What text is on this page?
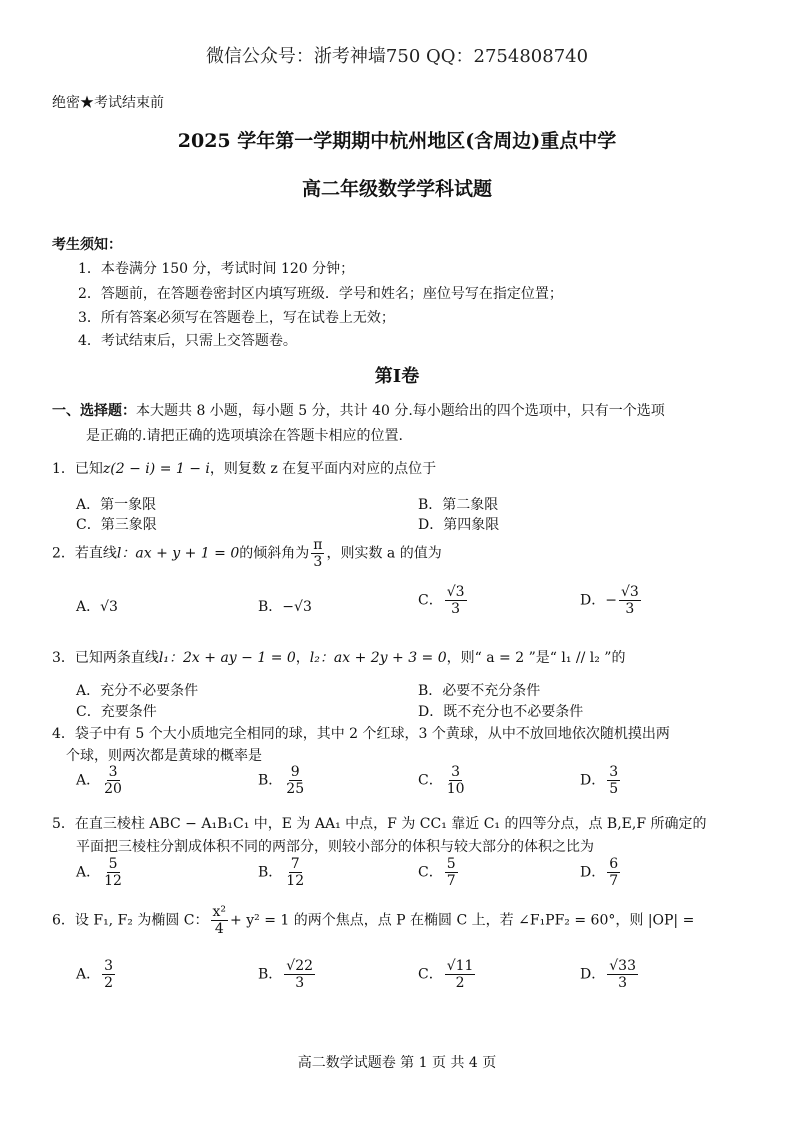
微信公众号：浙考神墙750 QQ：2754808740
绝密★考试结束前
2025 学年第一学期期中杭州地区(含周边)重点中学
高二年级数学学科试题
考生须知：
1．本卷满分 150 分，考试时间 120 分钟；
2．答题前，在答题卷密封区内填写班级．学号和姓名；座位号写在指定位置；
3．所有答案必须写在答题卷上，写在试卷上无效；
4．考试结束后，只需上交答题卷。
第Ⅰ卷
一、选择题：本大题共 8 小题，每小题 5 分，共计 40 分.每小题给出的四个选项中，只有一个选项
是正确的.请把正确的选项填涂在答题卡相应的位置.
1．已知z(2 − i) = 1 − i，则复数 z 在复平面内对应的点位于
A．第一象限	B．第二象限
C．第三象限	D．第四象限
2．若直线l：ax + y + 1 = 0的倾斜角为 $\frac{\pi}{3}$ ，则实数 a 的值为
A．√3	B．−√3	C． $\frac{√3}{3}$	D．− $\frac{√3}{3}$
3．已知两条直线l₁：2x + ay − 1 = 0，l₂：ax + 2y + 3 = 0，则“ a = 2 ”是“ l₁ // l₂ ”的
A．充分不必要条件	B．必要不充分条件
C．充要条件	D．既不充分也不必要条件
4．袋子中有 5 个大小质地完全相同的球，其中 2 个红球，3 个黄球，从中不放回地依次随机摸出两
个球，则两次都是黄球的概率是
A． $\frac{3}{20}$	B． $\frac{9}{25}$	C． $\frac{3}{10}$	D． $\frac{3}{5}$
5．在直三棱柱 ABC − A₁B₁C₁ 中，E 为 AA₁ 中点，F 为 CC₁ 靠近 C₁ 的四等分点，点 B,E,F 所确定的
平面把三棱柱分割成体积不同的两部分，则较小部分的体积与较大部分的体积之比为
A． $\frac{5}{12}$	B． $\frac{7}{12}$	C． $\frac{5}{7}$	D． $\frac{6}{7}$
6．设 F₁, F₂ 为椭圆 C： $\frac{\text{x²}}{4} + y^2 = 1$ 的两个焦点，点 P 在椭圆 C 上，若 ∠F₁PF₂ = 60°，则 |OP| =
A． $\frac{3}{2}$	B． $\frac{√22}{3}$	C． $\frac{√11}{2}$	D． $\frac{√33}{3}$
高二数学试题卷 第 1 页 共 4 页
